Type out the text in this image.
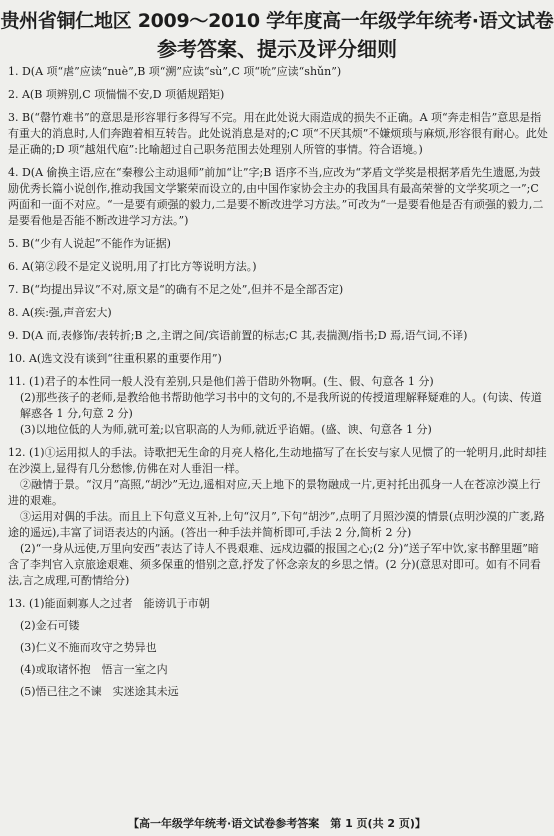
贵州省铜仁地区 2009～2010 学年度高一年级学年统考·语文试卷
参考答案、提示及评分细则
1. D(A 项“虐”应读“nuè”,B 项“溯”应读“sù”,C 项“吮”应读“shǔn”)
2. A(B 项辨别,C 项惴惴不安,D 项循规蹈矩)
3. B(“罄竹难书”的意思是形容罪行多得写不完。用在此处说大雨造成的损失不正确。A 项“奔走相告”意思是指有重大的消息时,人们奔跑着相互转告。此处说消息是对的;C 项“不厌其烦”不嫌烦琐与麻烦,形容很有耐心。此处是正确的;D 项“越俎代庖”:比喻超过自己职务范围去处理别人所管的事情。符合语境。)
4. D(A 偷换主语,应在“秦穆公主动退师”前加“让”字;B 语序不当,应改为“茅盾文学奖是根据茅盾先生遗愿,为鼓励优秀长篇小说创作,推动我国文学繁荣而设立的,由中国作家协会主办的我国具有最高荣誉的文学奖项之一”;C 两面和一面不对应。“一是要有顽强的毅力,二是要不断改进学习方法。”可改为“一是要看他是否有顽强的毅力,二是要看他是否能不断改进学习方法。”)
5. B(“少有人说起”不能作为证据)
6. A(第②段不是定义说明,用了打比方等说明方法。)
7. B(“均提出异议”不对,原文是“的确有不足之处”,但并不是全部否定)
8. A(疾:强,声音宏大)
9. D(A 而,表修饰/表转折;B 之,主谓之间/宾语前置的标志;C 其,表揣测/指书;D 焉,语气词,不译)
10. A(选文没有谈到“往重积累的重要作用”)
11. (1)君子的本性同一般人没有差别,只是他们善于借助外物啊。(生、假、句意各 1 分)
(2)那些孩子的老师,是教给他书帮助他学习书中的文句的,不是我所说的传授道理解释疑难的人。(句读、传道解惑各 1 分,句意 2 分)
(3)以地位低的人为师,就可羞;以官职高的人为师,就近乎谄媚。(盛、谀、句意各 1 分)
12. (1)①运用拟人的手法。诗歌把无生命的月亮人格化,生动地描写了在长安与家人见惯了的一轮明月,此时却挂在沙漠上,显得有几分愁惨,仿佛在对人垂泪一样。
②融情于景。“汉月”高照,“胡沙”无边,遥相对应,天上地下的景物融成一片,更衬托出孤身一人在苍凉沙漠上行进的艰难。
③运用对偶的手法。而且上下句意义互补,上句“汉月”,下句“胡沙”,点明了月照沙漠的情景(点明沙漠的广袤,路途的遥远),丰富了词语表达的内涵。(答出一种手法并简析即可,手法 2 分,简析 2 分)
(2)“一身从远使,万里向安西”表达了诗人不畏艰难、远戍边疆的报国之心;(2 分)“送子军中饮,家书醉里题”暗含了李判官入京旅途艰难、须多保重的惜别之意,抒发了怀念亲友的乡思之情。(2 分)(意思对即可。如有不同看法,言之成理,可酌情给分)
13. (1)能面刺寡人之过者　能谤讥于市朝
(2)金石可镂
(3)仁义不施而攻守之势异也
(4)或取诸怀抱　悟言一室之内
(5)悟已往之不谏　实迷途其未远
【高一年级学年统考·语文试卷参考答案　第 1 页(共 2 页)】
